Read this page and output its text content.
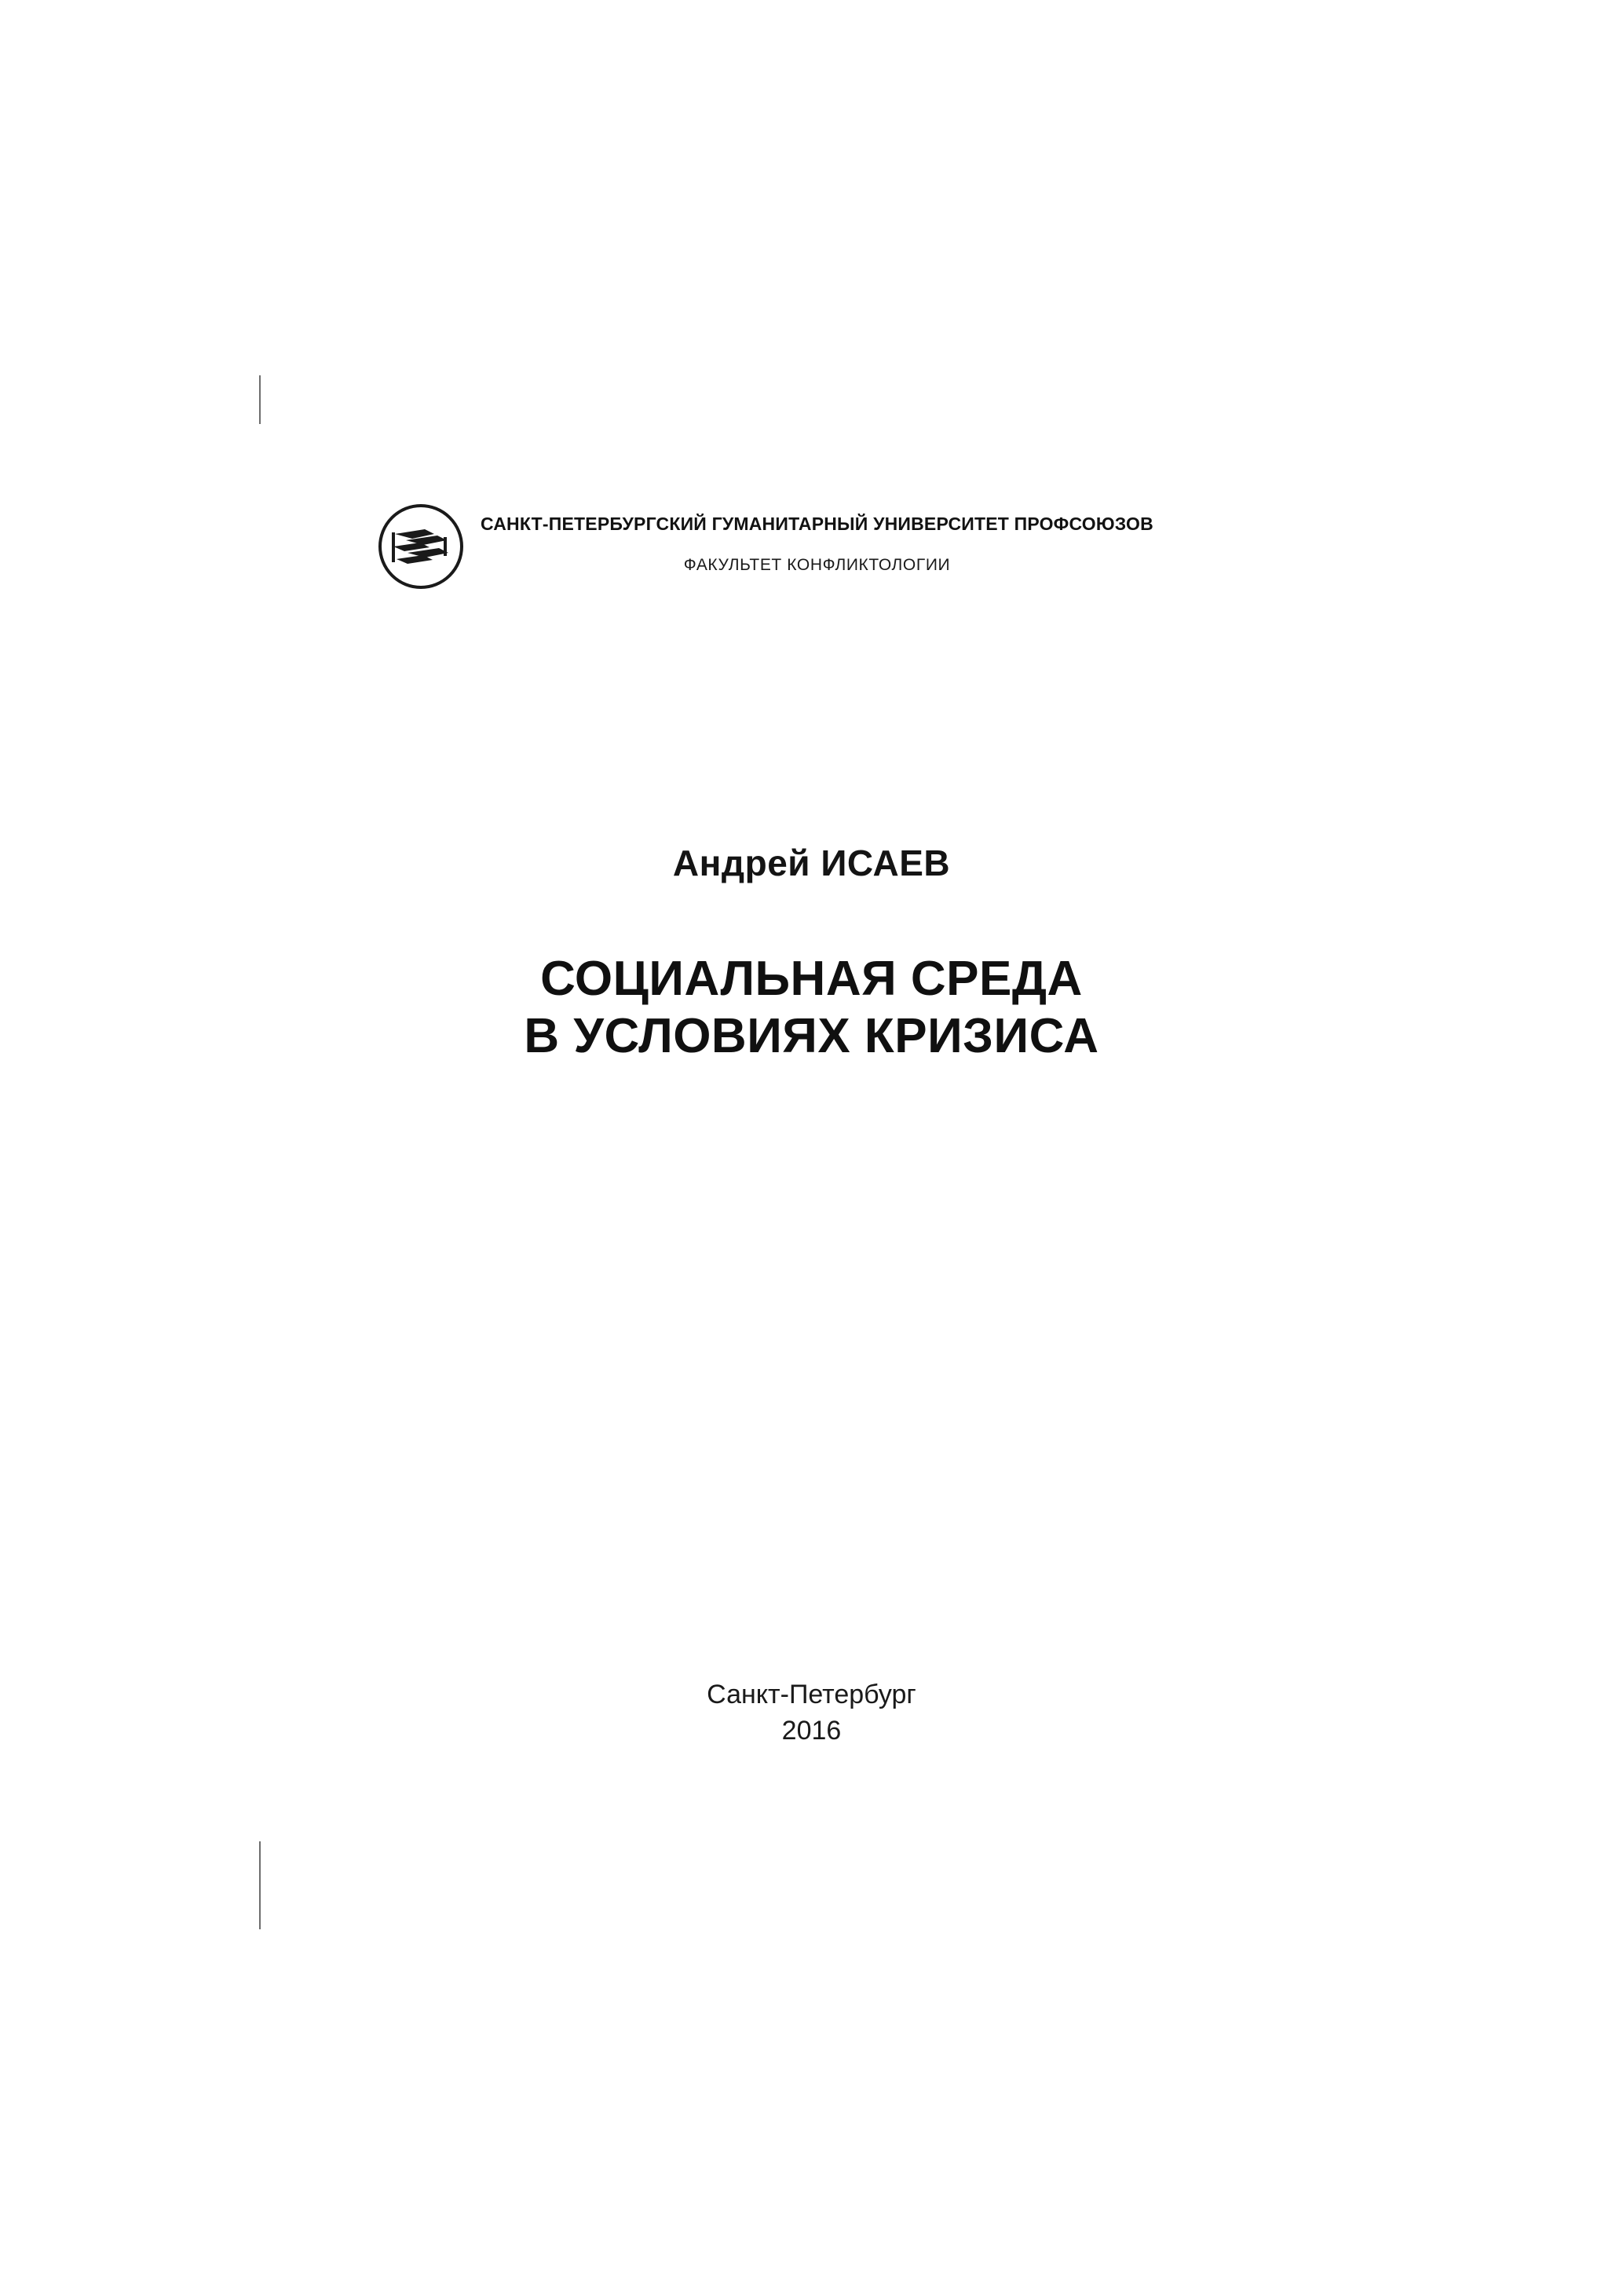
САНКТ-ПЕТЕРБУРГСКИЙ ГУМАНИТАРНЫЙ УНИВЕРСИТЕТ ПРОФСОЮЗОВ
ФАКУЛЬТЕТ КОНФЛИКТОЛОГИИ
Андрей ИСАЕВ
СОЦИАЛЬНАЯ СРЕДА
В УСЛОВИЯХ КРИЗИСА
Санкт-Петербург
2016
